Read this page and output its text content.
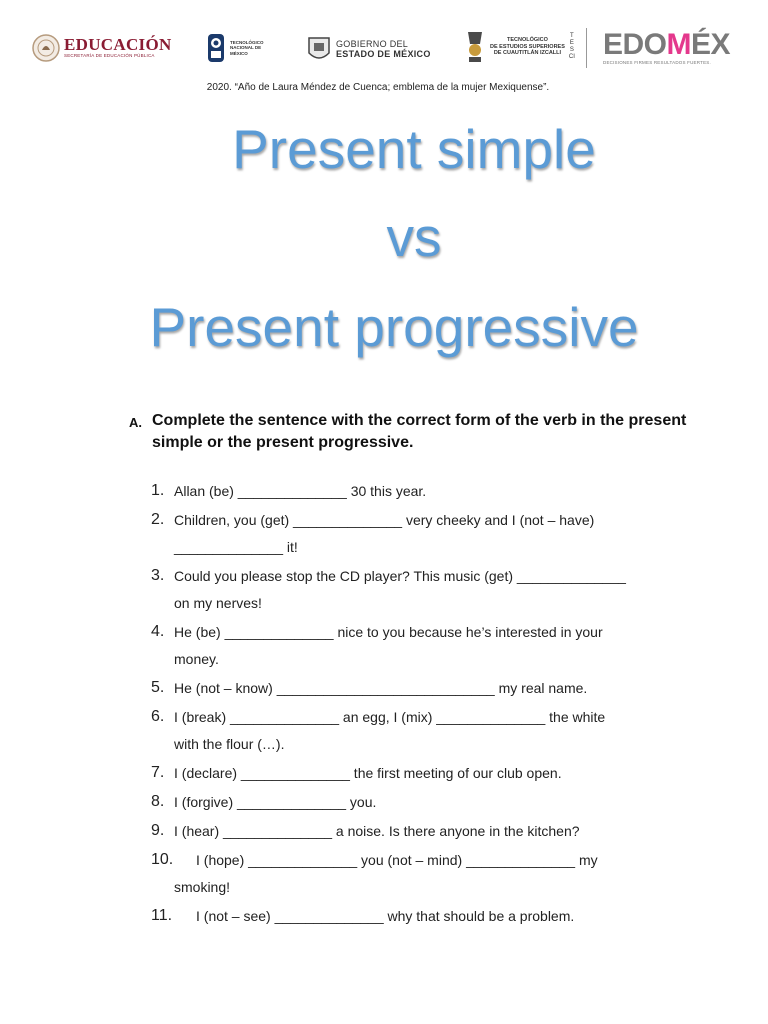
EDUCACIÓN
SECRETARÍA DE EDUCACIÓN PÚBLICA
TECNOLÓGICO NACIONAL DE MÉXICO
GOBIERNO DEL
ESTADO DE MÉXICO
TECNOLÓGICO
DE ESTUDIOS SUPERIORES
DE CUAUTITLÁN IZCALLI
TESCI EDOMÉX
DECISIONES FIRMES RESULTADOS FUERTES.
2020. “Año de Laura Méndez de Cuenca; emblema de la mujer Mexiquense”.
Present simple
vs
Present progressive
A. Complete the sentence with the correct form of the verb in the present simple or the present progressive.
1. Allan (be) ______________ 30 this year.
2. Children, you (get) ______________ very cheeky and I (not – have)
______________ it!
3. Could you please stop the CD player? This music (get) ______________
on my nerves!
4. He (be) ______________ nice to you because he’s interested in your
money.
5. He (not – know) ____________________________ my real name.
6. I (break) ______________ an egg, I (mix) ______________ the white
with the flour (…).
7. I (declare) ______________ the first meeting of our club open.
8. I (forgive) ______________ you.
9. I (hear) ______________ a noise. Is there anyone in the kitchen?
10. I (hope) ______________ you (not – mind) ______________ my
smoking!
11. I (not – see) ______________ why that should be a problem.
